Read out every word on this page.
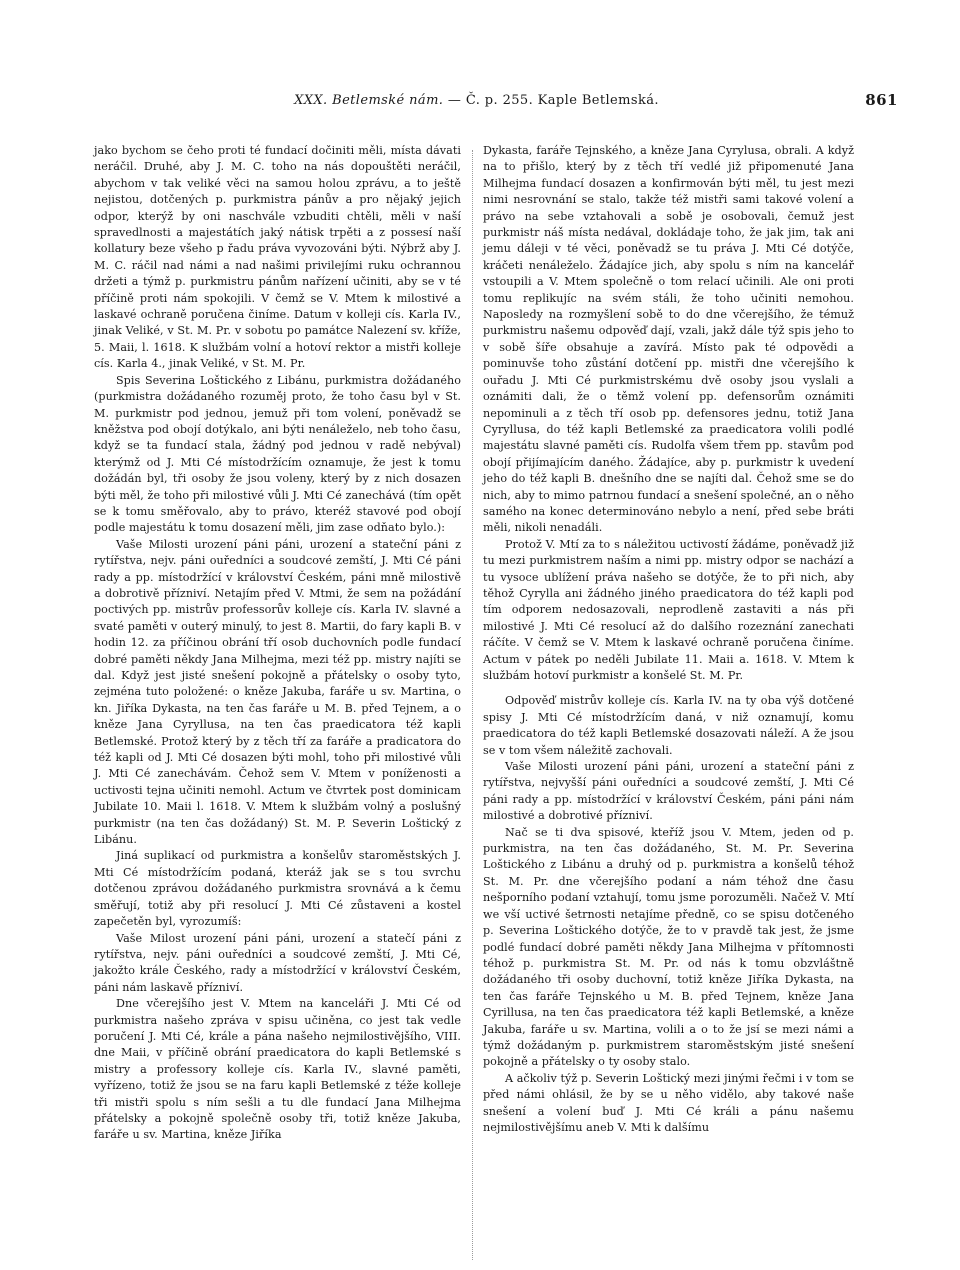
XXX. Betlemské nám. — Č. p. 255. Kaple Betlemská.	861

jako bychom se čeho proti té fundací dočiniti měli, místa dávati neráčil. Druhé, aby J. M. C. toho na nás dopouštěti neráčil, abychom v tak veliké věci na samou holou zprávu, a to ještě nejistou, dotčených p. purkmistra pánův a pro nějaký jejich odpor, kterýž by oni naschvále vzbuditi chtěli, měli v naší spravedlnosti a majestátích jaký nátisk trpěti a z possesí naší kollatury beze všeho p řadu práva vyvozováni býti. Nýbrž aby J. M. C. ráčil nad námi a nad našimi privilejími ruku ochrannou držeti a týmž p. purkmistru pánům nařízení učiniti, aby se v té příčině proti nám spokojili. V čemž se V. Mtem k milostivé a laskavé ochraně poručena činíme. Datum v kolleji cís. Karla IV., jinak Veliké, v St. M. Pr. v sobotu po památce Nalezení sv. kříže, 5. Maii, l. 1618. K službám volní a hotoví rektor a mistři kolleje cís. Karla 4., jinak Veliké, v St. M. Pr.

Spis Severina Loštického z Libánu, purkmistra dožádaného (purkmistra dožádaného rozuměj proto, že toho času byl v St. M. purkmistr pod jednou, jemuž při tom volení, poněvadž se kněžstva pod obojí dotýkalo, ani býti nenáleželo, neb toho času, když se ta fundací stala, žádný pod jednou v radě nebýval) kterýmž od J. Mti Cé místodržícím oznamuje, že jest k tomu dožádán byl, tři osoby že jsou voleny, který by z nich dosazen býti měl, že toho při milostivé vůli J. Mti Cé zanechává (tím opět se k tomu směřovalo, aby to právo, kteréž stavové pod obojí podle majestátu k tomu dosazení měli, jim zase odňato bylo.):

Vaše Milosti urození páni páni, urození a stateční páni z rytířstva, nejv. páni ouředníci a soudcové zemští, J. Mti Cé páni rady a pp. místodržící v království Českém, páni mně milostivě a dobrotivě přízniví. Netajím před V. Mtmi, že sem na požádání poctivých pp. mistrův professorův kolleje cís. Karla IV. slavné a svaté paměti v outerý minulý, to jest 8. Martii, do fary kapli B. v hodin 12. za příčinou obrání tří osob duchovních podle fundací dobré paměti někdy Jana Milhejma, mezi též pp. mistry najíti se dal. Když jest jisté snešení pokojně a přátelsky o osoby tyto, zejména tuto položené: o kněze Jakuba, faráře u sv. Martina, o kn. Jiříka Dykasta, na ten čas faráře u M. B. před Tejnem, a o kněze Jana Cyryllusa, na ten čas praedicatora též kapli Betlemské. Protož který by z těch tří za faráře a pradicatora do též kapli od J. Mti Cé dosazen býti mohl, toho při milostivé vůli J. Mti Cé zanechávám. Čehož sem V. Mtem v poníženosti a uctivosti tejna učiniti nemohl. Actum ve čtvrtek post dominicam Jubilate 10. Maii l. 1618. V. Mtem k službám volný a poslušný purkmistr (na ten čas dožádaný) St. M. P. Severin Loštický z Libánu.

Jiná suplikací od purkmistra a konšelův staroměstských J. Mti Cé místodržícím podaná, kteráž jak se s tou svrchu dotčenou zprávou dožádaného purkmistra srovnává a k čemu směřují, totiž aby při resolucí J. Mti Cé zůstaveni a kostel zapečetěn byl, vyrozumíš:

Vaše Milost urození páni páni, urození a statečí páni z rytířstva, nejv. páni ouředníci a soudcové zemští, J. Mti Cé, jakožto krále Českého, rady a místodržící v království Českém, páni nám laskavě přízniví.

Dne včerejšího jest V. Mtem na kanceláři J. Mti Cé od purkmistra našeho zpráva v spisu učiněna, co jest tak vedle poručení J. Mti Cé, krále a pána našeho nejmilostivějšího, VIII. dne Maii, v příčině obrání praedicatora do kapli Betlemské s mistry a professory kolleje cís. Karla IV., slavné paměti, vyřízeno, totiž že jsou se na faru kapli Betlemské z téže kolleje tři mistři spolu s ním sešli a tu dle fundací Jana Milhejma přátelsky a pokojně společně osoby tři, totiž kněze Jakuba, faráře u sv. Martina, kněze Jiříka

Dykasta, faráře Tejnského, a kněze Jana Cyrylusa, obrali. A když na to přišlo, který by z těch tří vedlé již připomenuté Jana Milhejma fundací dosazen a konfirmován býti měl, tu jest mezi nimi nesrovnání se stalo, takže též mistři sami takové volení a právo na sebe vztahovali a sobě je osobovali, čemuž jest purkmistr náš místa nedával, dokládaje toho, že jak jim, tak ani jemu dáleji v té věci, poněvadž se tu práva J. Mti Cé dotýče, kráčeti nenáleželo. Žádajíce jich, aby spolu s ním na kancelář vstoupili a V. Mtem společně o tom relací učinili. Ale oni proti tomu replikujíc na svém stáli, že toho učiniti nemohou. Naposledy na rozmyšlení sobě to do dne včerejšího, že témuž purkmistru našemu odpověď dají, vzali, jakž dále týž spis jeho to v sobě šíře obsahuje a zavírá. Místo pak té odpovědi a pominuvše toho zůstání dotčení pp. mistři dne včerejšího k ouřadu J. Mti Cé purkmistrskému dvě osoby jsou vyslali a oznámiti dali, že o těmž volení pp. defensorům oznámiti nepominuli a z těch tří osob pp. defensores jednu, totiž Jana Cyryllusa, do též kapli Betlemské za praedicatora volili podlé majestátu slavné paměti cís. Rudolfa všem třem pp. stavům pod obojí přijímajícím daného. Žádajíce, aby p. purkmistr k uvedení jeho do též kapli B. dnešního dne se najíti dal. Čehož sme se do nich, aby to mimo patrnou fundací a snešení společné, an o něho samého na konec determinováno nebylo a není, před sebe bráti měli, nikoli nenadáli.

Protož V. Mtí za to s náležitou uctivostí žádáme, poněvadž již tu mezi purkmistrem naším a nimi pp. mistry odpor se nachází a tu vysoce ublížení práva našeho se dotýče, že to při nich, aby těhož Cyrylla ani žádného jiného praedicatora do též kapli pod tím odporem nedosazovali, neprodleně zastaviti a nás při milostivé J. Mti Cé resolucí až do dalšího rozeznání zanechati ráčíte. V čemž se V. Mtem k laskavé ochraně poručena činíme. Actum v pátek po neděli Jubilate 11. Maii a. 1618. V. Mtem k službám hotoví purkmistr a konšelé St. M. Pr.

Odpověď mistrův kolleje cís. Karla IV. na ty oba výš dotčené spisy J. Mti Cé místodržícím daná, v niž oznamují, komu praedicatora do též kapli Betlemské dosazovati náleží. A že jsou se v tom všem náležitě zachovali.

Vaše Milosti urození páni páni, urození a stateční páni z rytířstva, nejvyšší páni ouředníci a soudcové zemští, J. Mti Cé páni rady a pp. místodržící v království Českém, páni páni nám milostivé a dobrotivé přízniví.

Nač se ti dva spisové, kteříž jsou V. Mtem, jeden od p. purkmistra, na ten čas dožádaného, St. M. Pr. Severina Loštického z Libánu a druhý od p. purkmistra a konšelů téhož St. M. Pr. dne včerejšího podaní a nám téhož dne času nešporního podaní vztahují, tomu jsme porozuměli. Načež V. Mtí we vší uctivé šetrnosti netajíme předně, co se spisu dotčeného p. Severina Loštického dotýče, že to v pravdě tak jest, že jsme podlé fundací dobré paměti někdy Jana Milhejma v přítomnosti téhož p. purkmistra St. M. Pr. od nás k tomu obzvláštně dožádaného tři osoby duchovní, totiž kněze Jiříka Dykasta, na ten čas faráře Tejnského u M. B. před Tejnem, kněze Jana Cyrillusa, na ten čas praedicatora též kapli Betlemské, a kněze Jakuba, faráře u sv. Martina, volili a o to že jsí se mezi námi a týmž dožádaným p. purkmistrem staroměstským jisté snešení pokojně a přátelsky o ty osoby stalo.

A ačkoliv týž p. Severin Loštický mezi jinými řečmi i v tom se před námi ohlásil, že by se u něho vidělo, aby takové naše snešení a volení buď J. Mti Cé králi a pánu našemu nejmilostivějšímu aneb V. Mti k dalšímu
